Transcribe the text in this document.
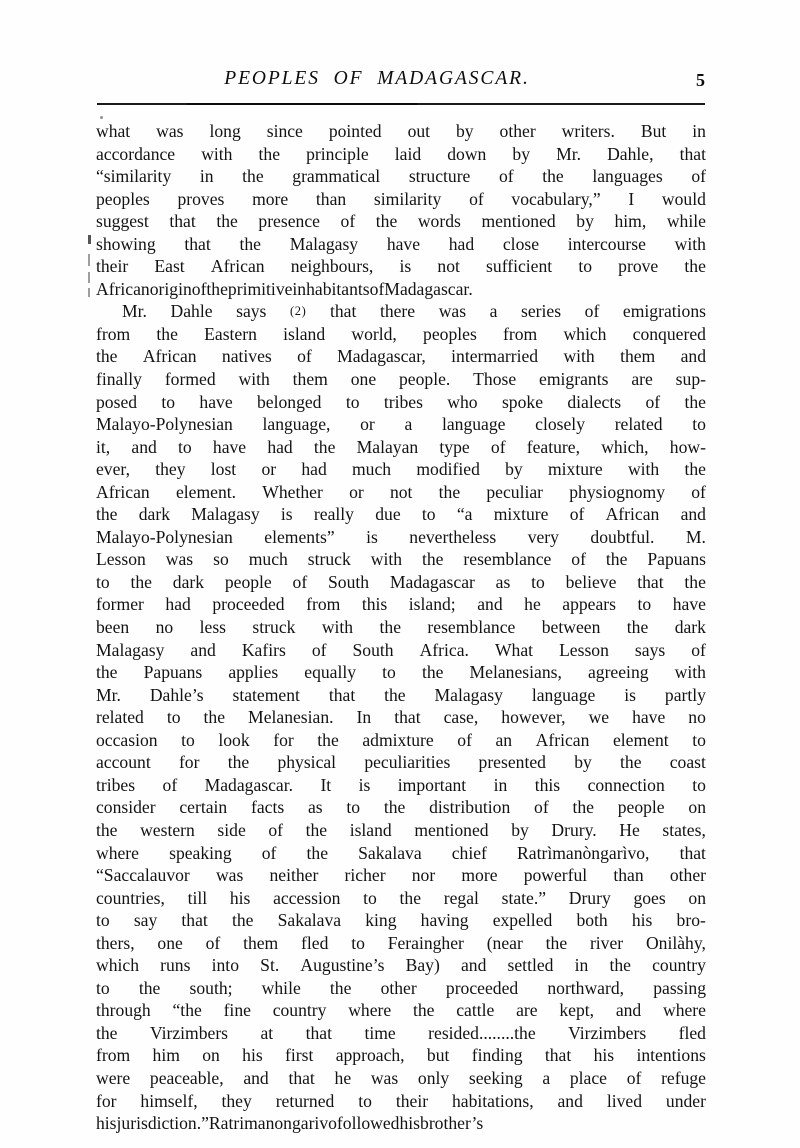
PEOPLES OF MADAGASCAR.	5
what was long since pointed out by other writers. But in
accordance with the principle laid down by Mr. Dahle, that
“similarity in the grammatical structure of the languages of
peoples proves more than similarity of vocabulary,” I would
suggest that the presence of the words mentioned by him, while
showing that the Malagasy have had close intercourse with
their East African neighbours, is not sufficient to prove the
African origin of the primitive inhabitants of Madagascar.
Mr. Dahle says (2) that there was a series of emigrations
from the Eastern island world, peoples from which conquered
the African natives of Madagascar, intermarried with them and
finally formed with them one people. Those emigrants are sup-
posed to have belonged to tribes who spoke dialects of the
Malayo-Polynesian language, or a language closely related to
it, and to have had the Malayan type of feature, which, how-
ever, they lost or had much modified by mixture with the
African element. Whether or not the peculiar physiognomy of
the dark Malagasy is really due to “a mixture of African and
Malayo-Polynesian elements” is nevertheless very doubtful. M.
Lesson was so much struck with the resemblance of the Papuans
to the dark people of South Madagascar as to believe that the
former had proceeded from this island; and he appears to have
been no less struck with the resemblance between the dark
Malagasy and Kafirs of South Africa. What Lesson says of
the Papuans applies equally to the Melanesians, agreeing with
Mr. Dahle’s statement that the Malagasy language is partly
related to the Melanesian. In that case, however, we have no
occasion to look for the admixture of an African element to
account for the physical peculiarities presented by the coast
tribes of Madagascar. It is important in this connection to
consider certain facts as to the distribution of the people on
the western side of the island mentioned by Drury. He states,
where speaking of the Sakalava chief Ratrìmanòngarìvo, that
“Saccalauvor was neither richer nor more powerful than other
countries, till his accession to the regal state.” Drury goes on
to say that the Sakalava king having expelled both his bro-
thers, one of them fled to Feraingher (near the river Onilàhy,
which runs into St. Augustine’s Bay) and settled in the country
to the south; while the other proceeded northward, passing
through “the fine country where the cattle are kept, and where
the Virzimbers at that time resided........the Virzimbers fled
from him on his first approach, but finding that his intentions
were peaceable, and that he was only seeking a place of refuge
for himself, they returned to their habitations, and lived under
his jurisdiction.” Ratrimanongarivo followed his brother’s
